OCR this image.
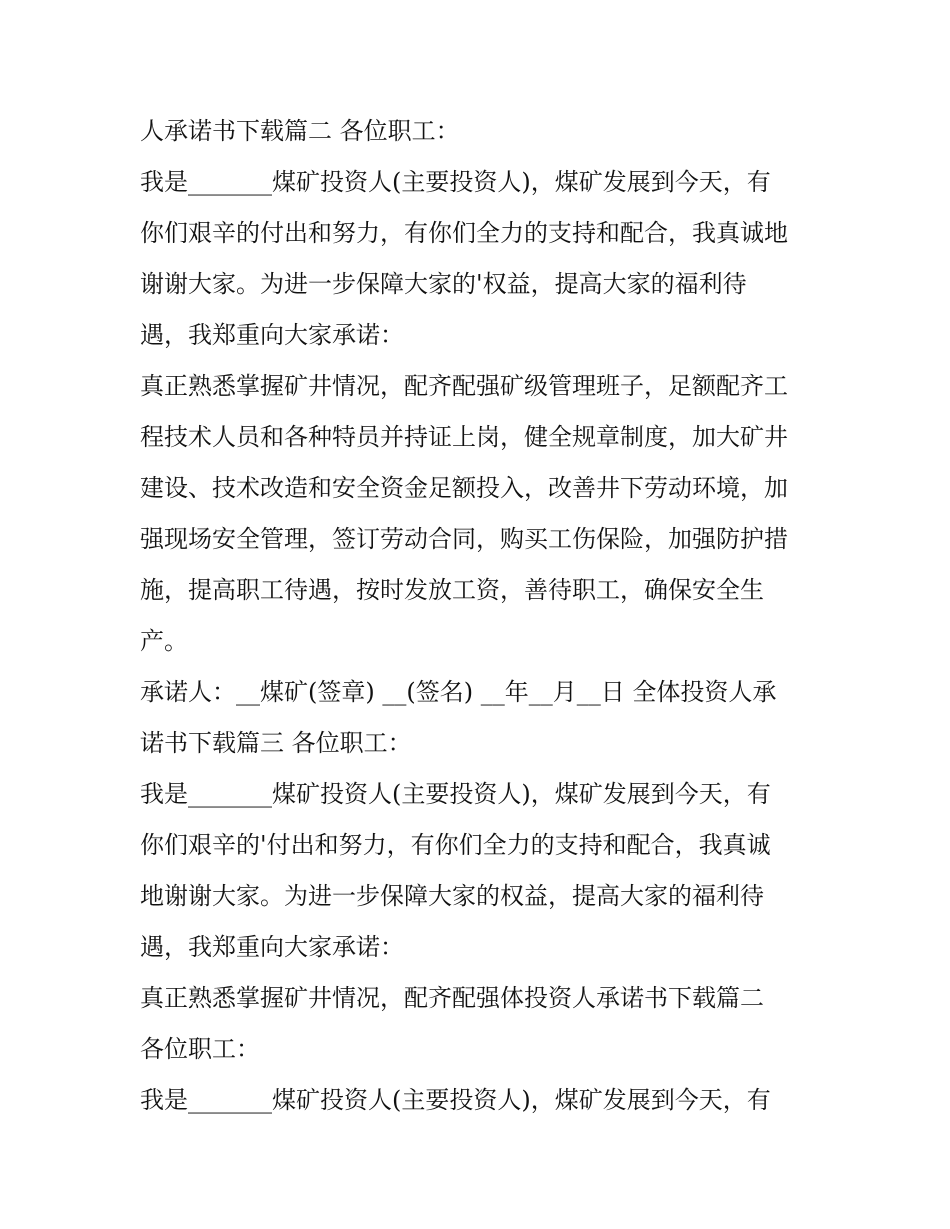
人承诺书下载篇二 各位职工：
我是_______煤矿投资人(主要投资人)，煤矿发展到今天，有
你们艰辛的付出和努力，有你们全力的支持和配合，我真诚地
谢谢大家。为进一步保障大家的'权益，提高大家的福利待
遇，我郑重向大家承诺：
真正熟悉掌握矿井情况，配齐配强矿级管理班子，足额配齐工
程技术人员和各种特员并持证上岗，健全规章制度，加大矿井
建设、技术改造和安全资金足额投入，改善井下劳动环境，加
强现场安全管理，签订劳动合同，购买工伤保险，加强防护措
施，提高职工待遇，按时发放工资，善待职工，确保安全生
产。
承诺人：__煤矿(签章) __(签名) __年__月__日 全体投资人承
诺书下载篇三 各位职工：
我是_______煤矿投资人(主要投资人)，煤矿发展到今天，有
你们艰辛的'付出和努力，有你们全力的支持和配合，我真诚
地谢谢大家。为进一步保障大家的权益，提高大家的福利待
遇，我郑重向大家承诺：
真正熟悉掌握矿井情况，配齐配强体投资人承诺书下载篇二
各位职工：
我是_______煤矿投资人(主要投资人)，煤矿发展到今天，有
